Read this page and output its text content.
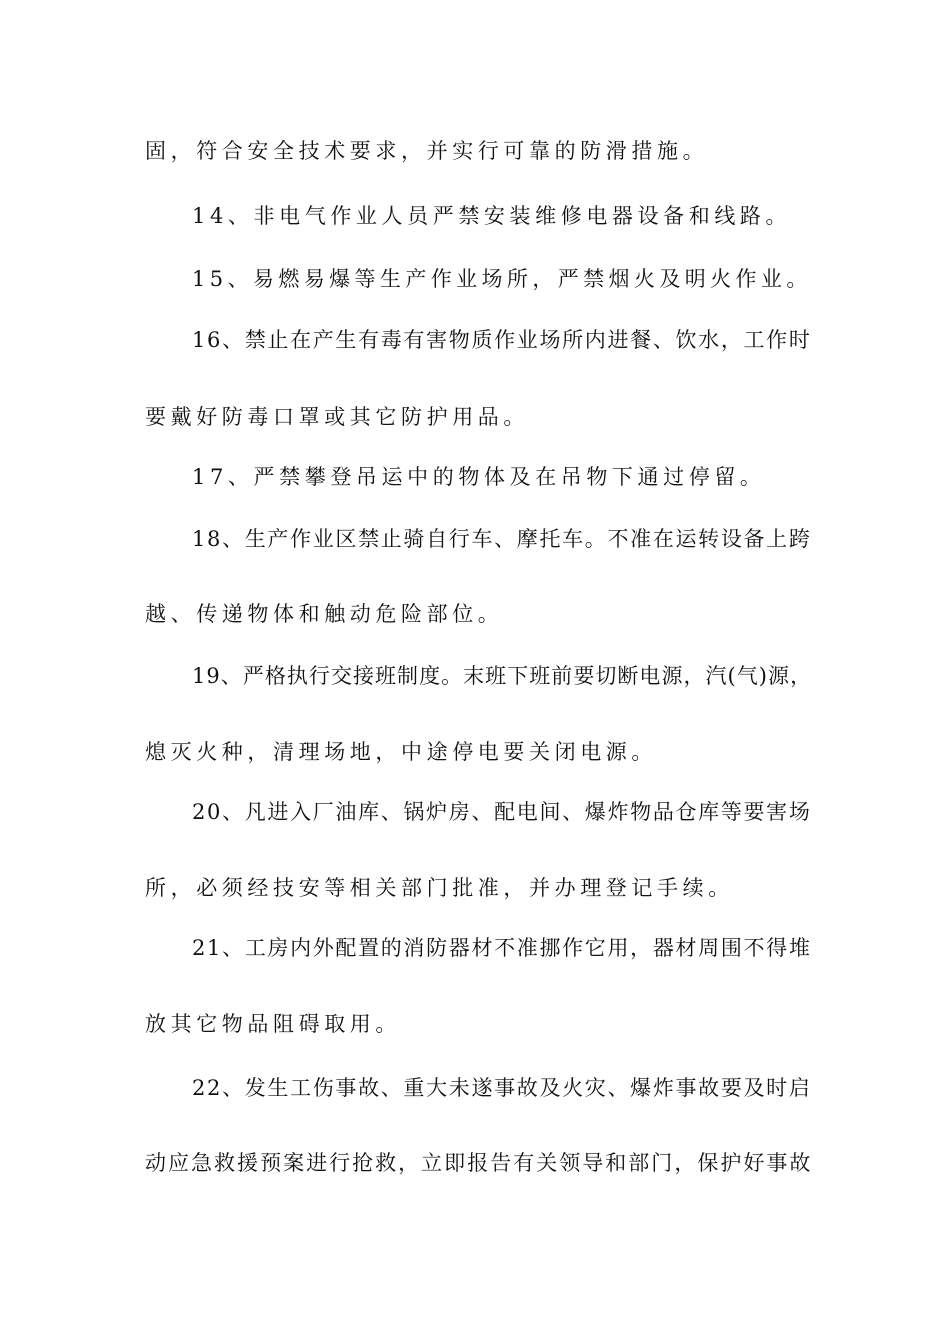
固，符合安全技术要求，并实行可靠的防滑措施。
14、非电气作业人员严禁安装维修电器设备和线路。
15、易燃易爆等生产作业场所，严禁烟火及明火作业。
16、禁止在产生有毒有害物质作业场所内进餐、饮水，工作时
要戴好防毒口罩或其它防护用品。
17、严禁攀登吊运中的物体及在吊物下通过停留。
18、生产作业区禁止骑自行车、摩托车。不准在运转设备上跨
越、传递物体和触动危险部位。
19、严格执行交接班制度。末班下班前要切断电源，汽(气)源，
熄灭火种，清理场地，中途停电要关闭电源。
20、凡进入厂油库、锅炉房、配电间、爆炸物品仓库等要害场
所，必须经技安等相关部门批准，并办理登记手续。
21、工房内外配置的消防器材不准挪作它用，器材周围不得堆
放其它物品阻碍取用。
22、发生工伤事故、重大未遂事故及火灾、爆炸事故要及时启
动应急救援预案进行抢救，立即报告有关领导和部门，保护好事故
